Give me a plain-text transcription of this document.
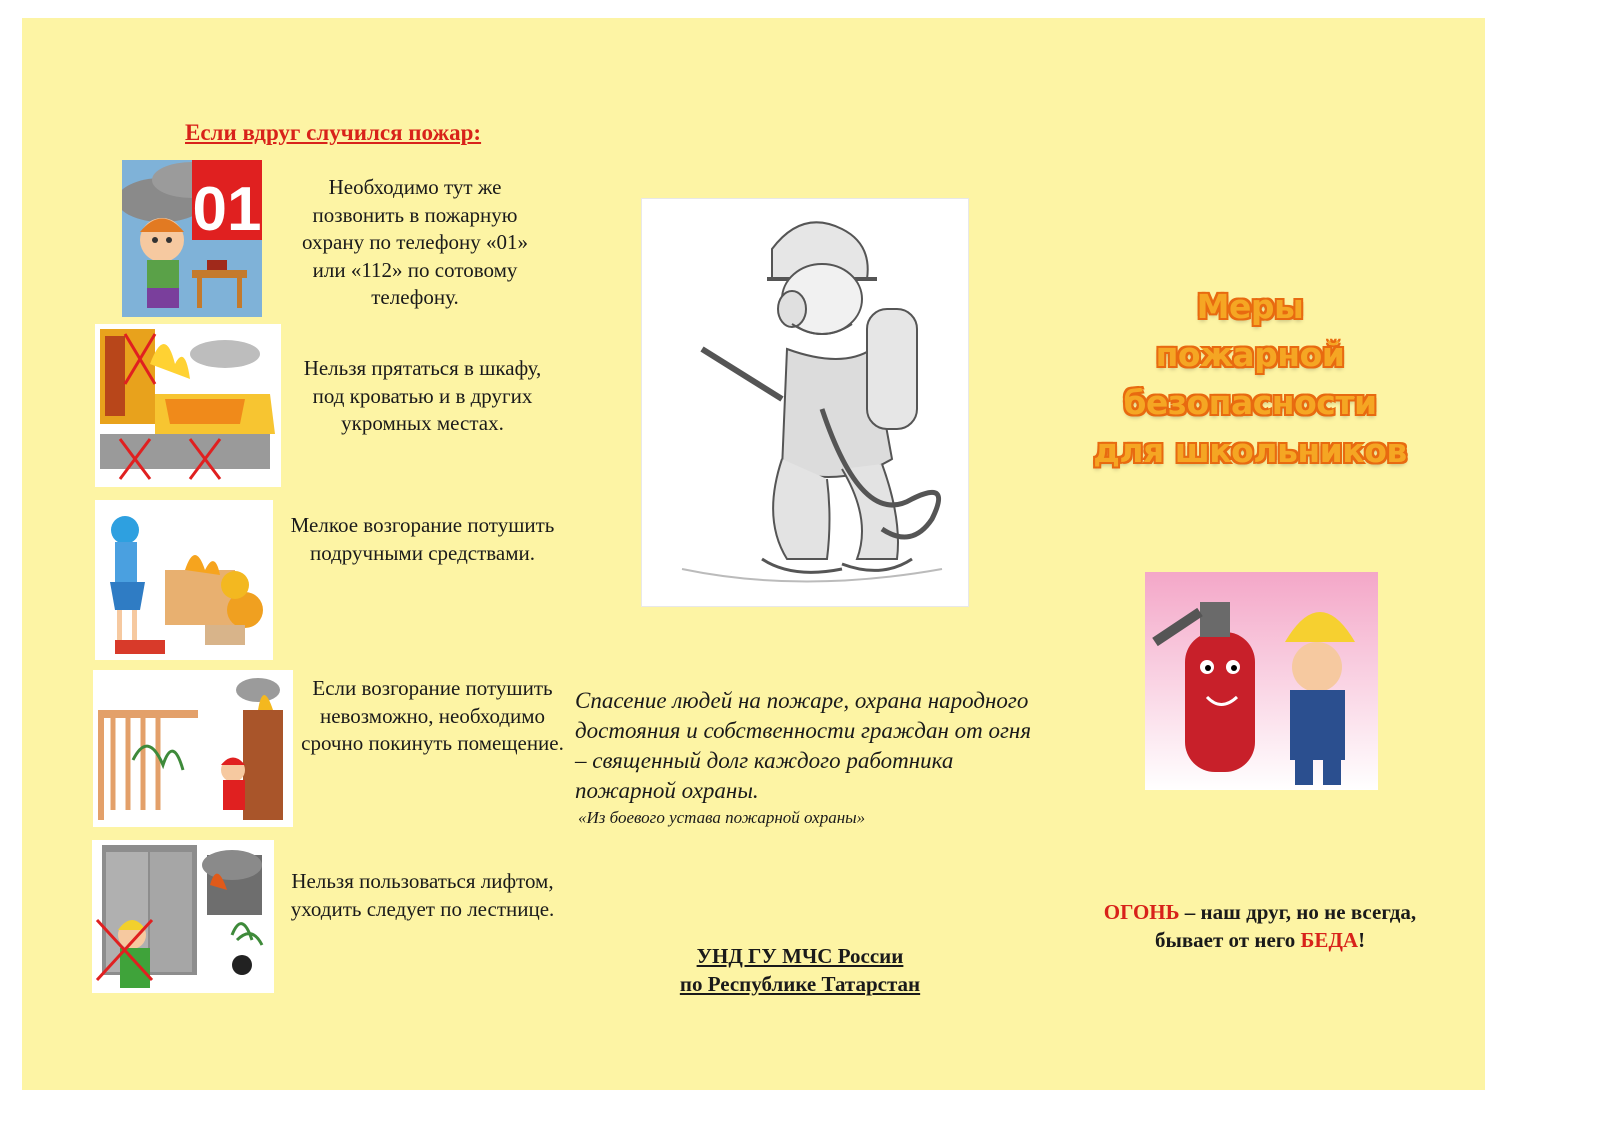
Если вдруг случился пожар:

01	Необходимо тут же позвонить в пожарную охрану по телефону «01» или «112» по сотовому телефону.

Нельзя прятаться в шкафу, под кроватью и в других укромных местах.

Мелкое возгорание потушить подручными средствами.

Если возгорание потушить невозможно, необходимо срочно покинуть помещение.

Нельзя пользоваться лифтом, уходить следует по лестнице.

Спасение людей на пожаре, охрана народного достояния и собственности граждан от огня – священный долг каждого работника пожарной охраны.

«Из боевого устава пожарной охраны»
УНД ГУ МЧС России
по Республике Татарстан
Меры
пожарной
безопасности
для школьников
ОГОНЬ – наш друг, но не всегда,
бывает от него БЕДА!
